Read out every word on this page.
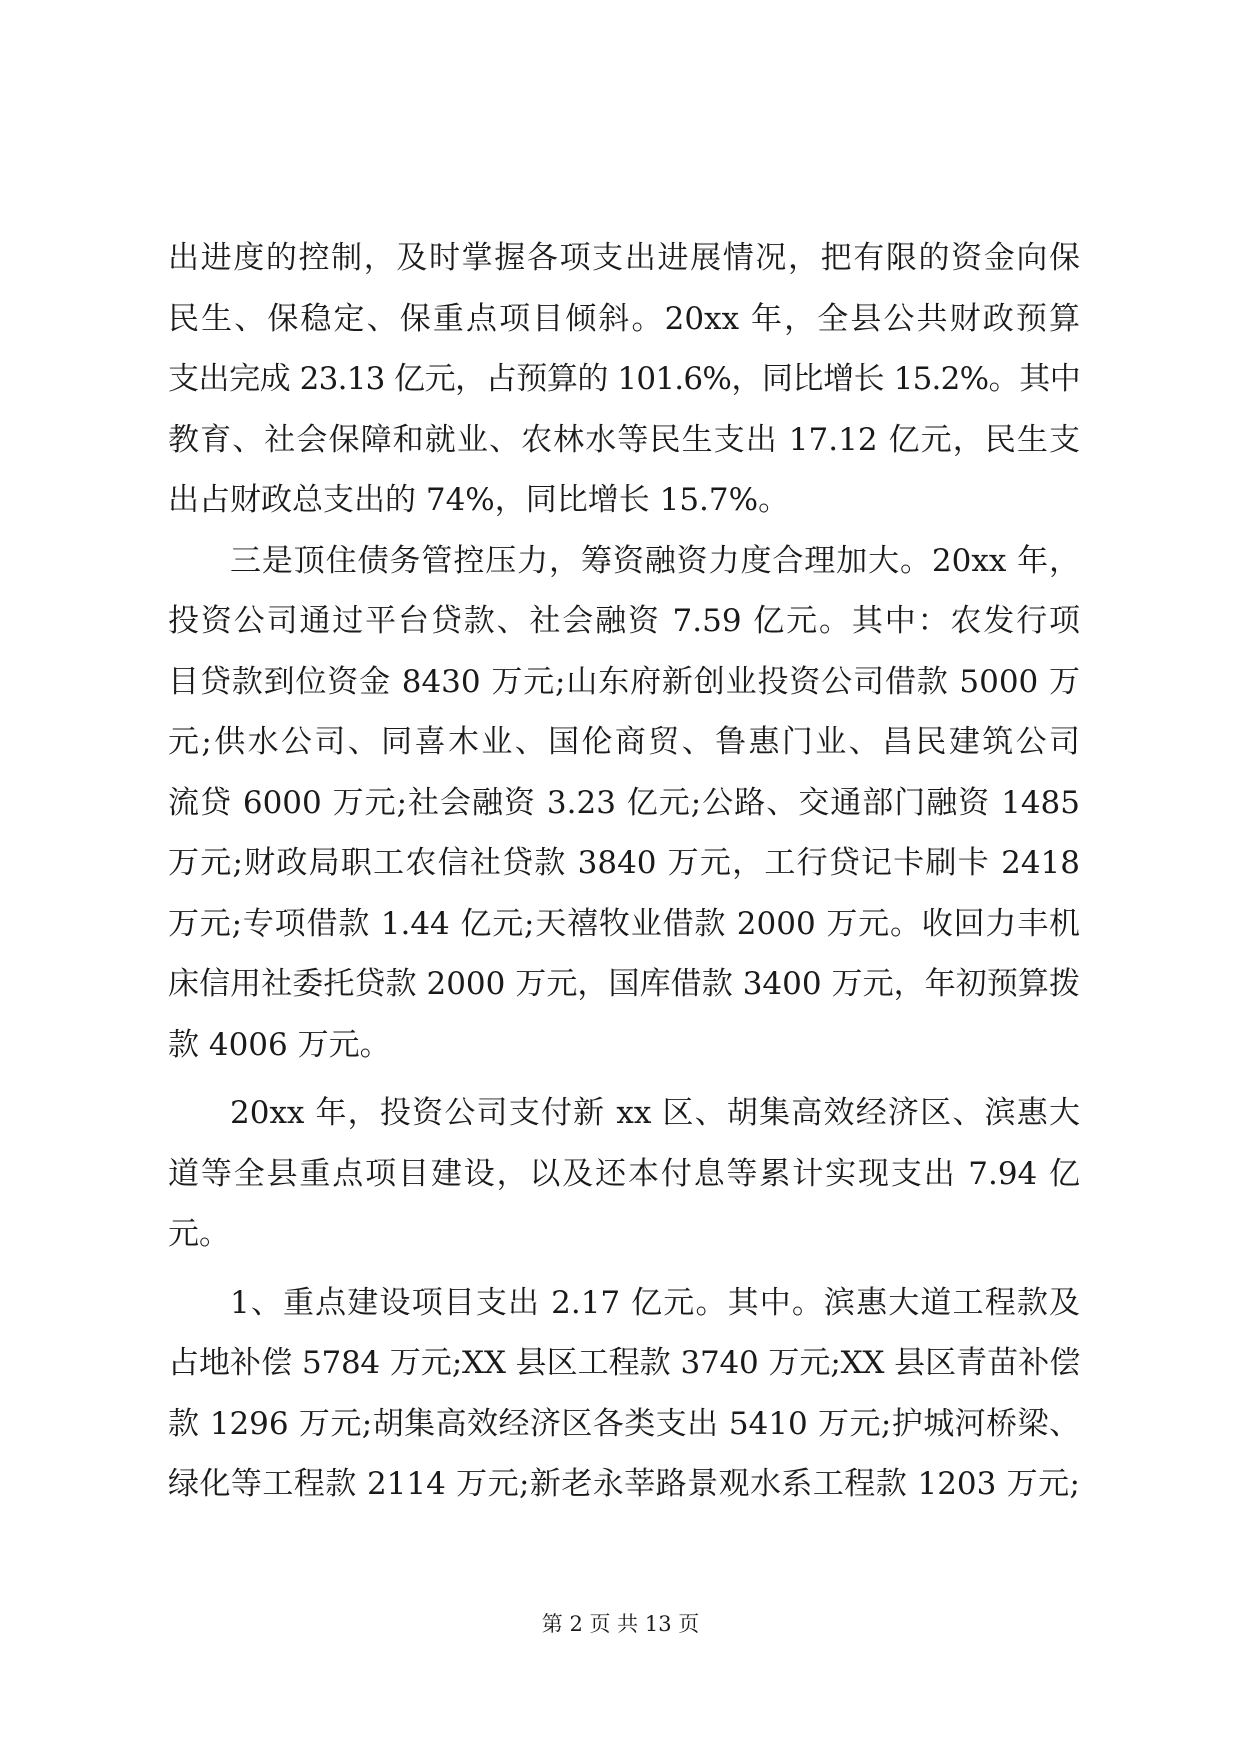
出进度的控制，及时掌握各项支出进展情况，把有限的资金向保
民生、保稳定、保重点项目倾斜。20xx 年，全县公共财政预算
支出完成 23.13 亿元，占预算的 101.6%，同比增长 15.2%。其中
教育、社会保障和就业、农林水等民生支出 17.12 亿元，民生支
出占财政总支出的 74%，同比增长 15.7%。
三是顶住债务管控压力，筹资融资力度合理加大。20xx 年，
投资公司通过平台贷款、社会融资 7.59 亿元。其中：农发行项
目贷款到位资金 8430 万元;山东府新创业投资公司借款 5000 万
元;供水公司、同喜木业、国伦商贸、鲁惠门业、昌民建筑公司
流贷 6000 万元;社会融资 3.23 亿元;公路、交通部门融资 1485
万元;财政局职工农信社贷款 3840 万元，工行贷记卡刷卡 2418
万元;专项借款 1.44 亿元;天禧牧业借款 2000 万元。收回力丰机
床信用社委托贷款 2000 万元，国库借款 3400 万元，年初预算拨
款 4006 万元。
20xx 年，投资公司支付新 xx 区、胡集高效经济区、滨惠大
道等全县重点项目建设，以及还本付息等累计实现支出 7.94 亿
元。
1、重点建设项目支出 2.17 亿元。其中。滨惠大道工程款及
占地补偿 5784 万元;XX 县区工程款 3740 万元;XX 县区青苗补偿
款 1296 万元;胡集高效经济区各类支出 5410 万元;护城河桥梁、
绿化等工程款 2114 万元;新老永莘路景观水系工程款 1203 万元;
第 2 页 共 13 页
